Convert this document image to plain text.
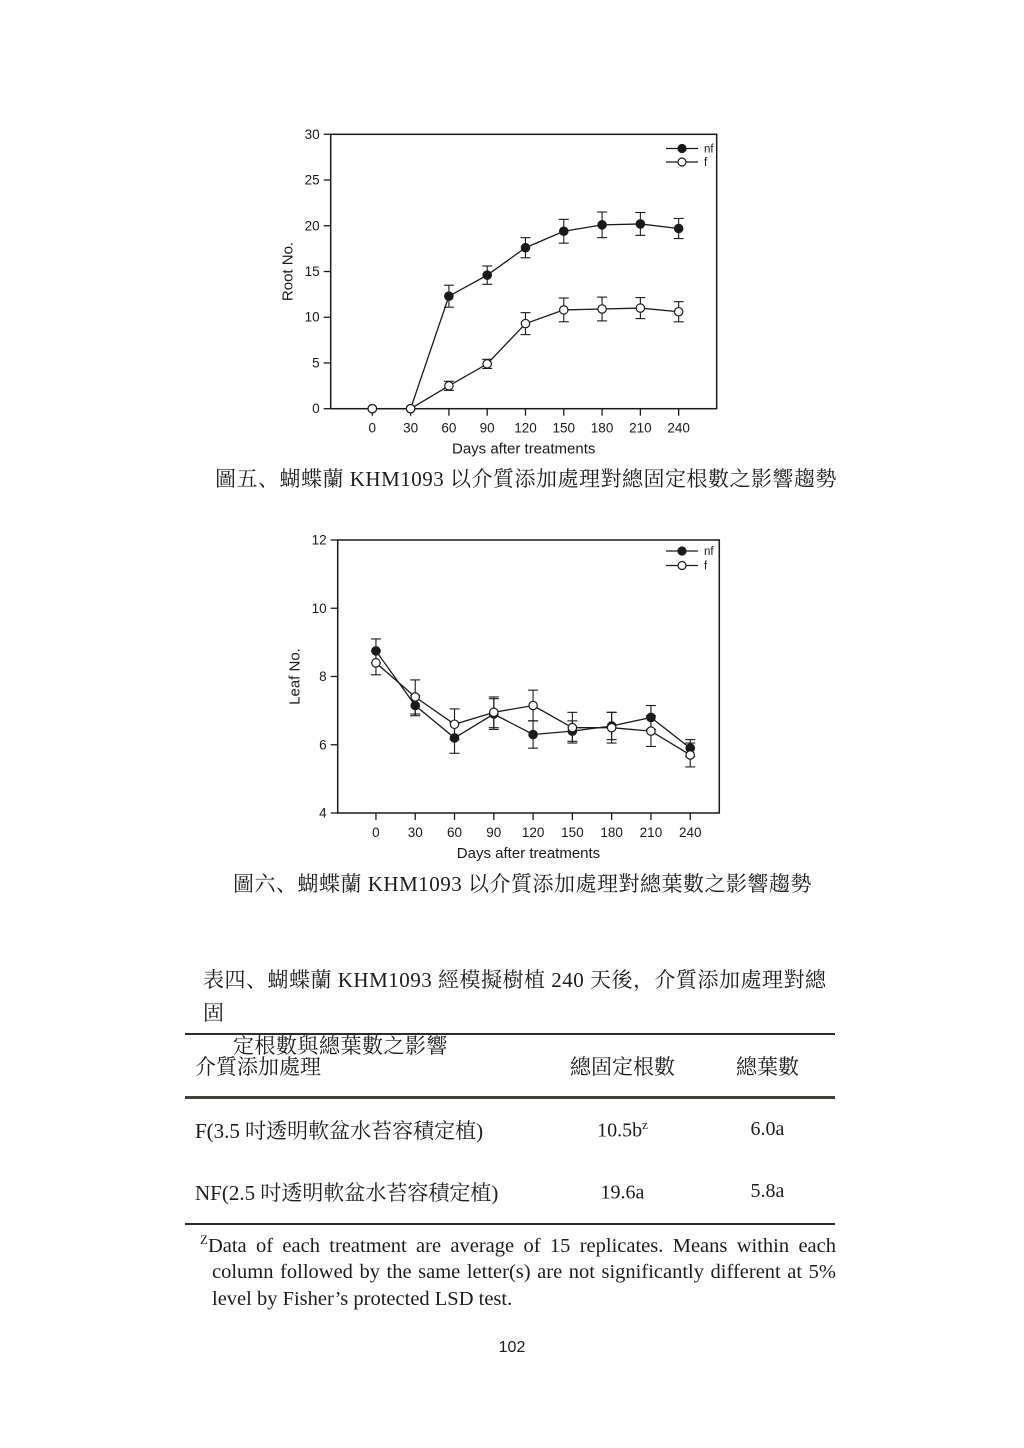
0
5
10
15
20
25
30
0 30 60 90 120 150 180 210 240
Days after treatments
Root No.
nf
f
圖五、蝴蝶蘭 KHM1093 以介質添加處理對總固定根數之影響趨勢
4
6
8
10
12
0 30 60 90 120 150 180 210 240
Days after treatments
Leaf No.
nf
f
圖六、蝴蝶蘭 KHM1093 以介質添加處理對總葉數之影響趨勢
表四、蝴蝶蘭 KHM1093 經模擬樹植 240 天後，介質添加處理對總固
定根數與總葉數之影響
介質添加處理	總固定根數	總葉數
F(3.5 吋透明軟盆水苔容積定植)	$10.5b^z$	6.0a
NF(2.5 吋透明軟盆水苔容積定植)	19.6a	5.8a
$^Z$Data of each treatment are average of 15 replicates. Means within each column followed by the same letter(s) are not significantly different at 5% level by Fisher’s protected LSD test.
102
